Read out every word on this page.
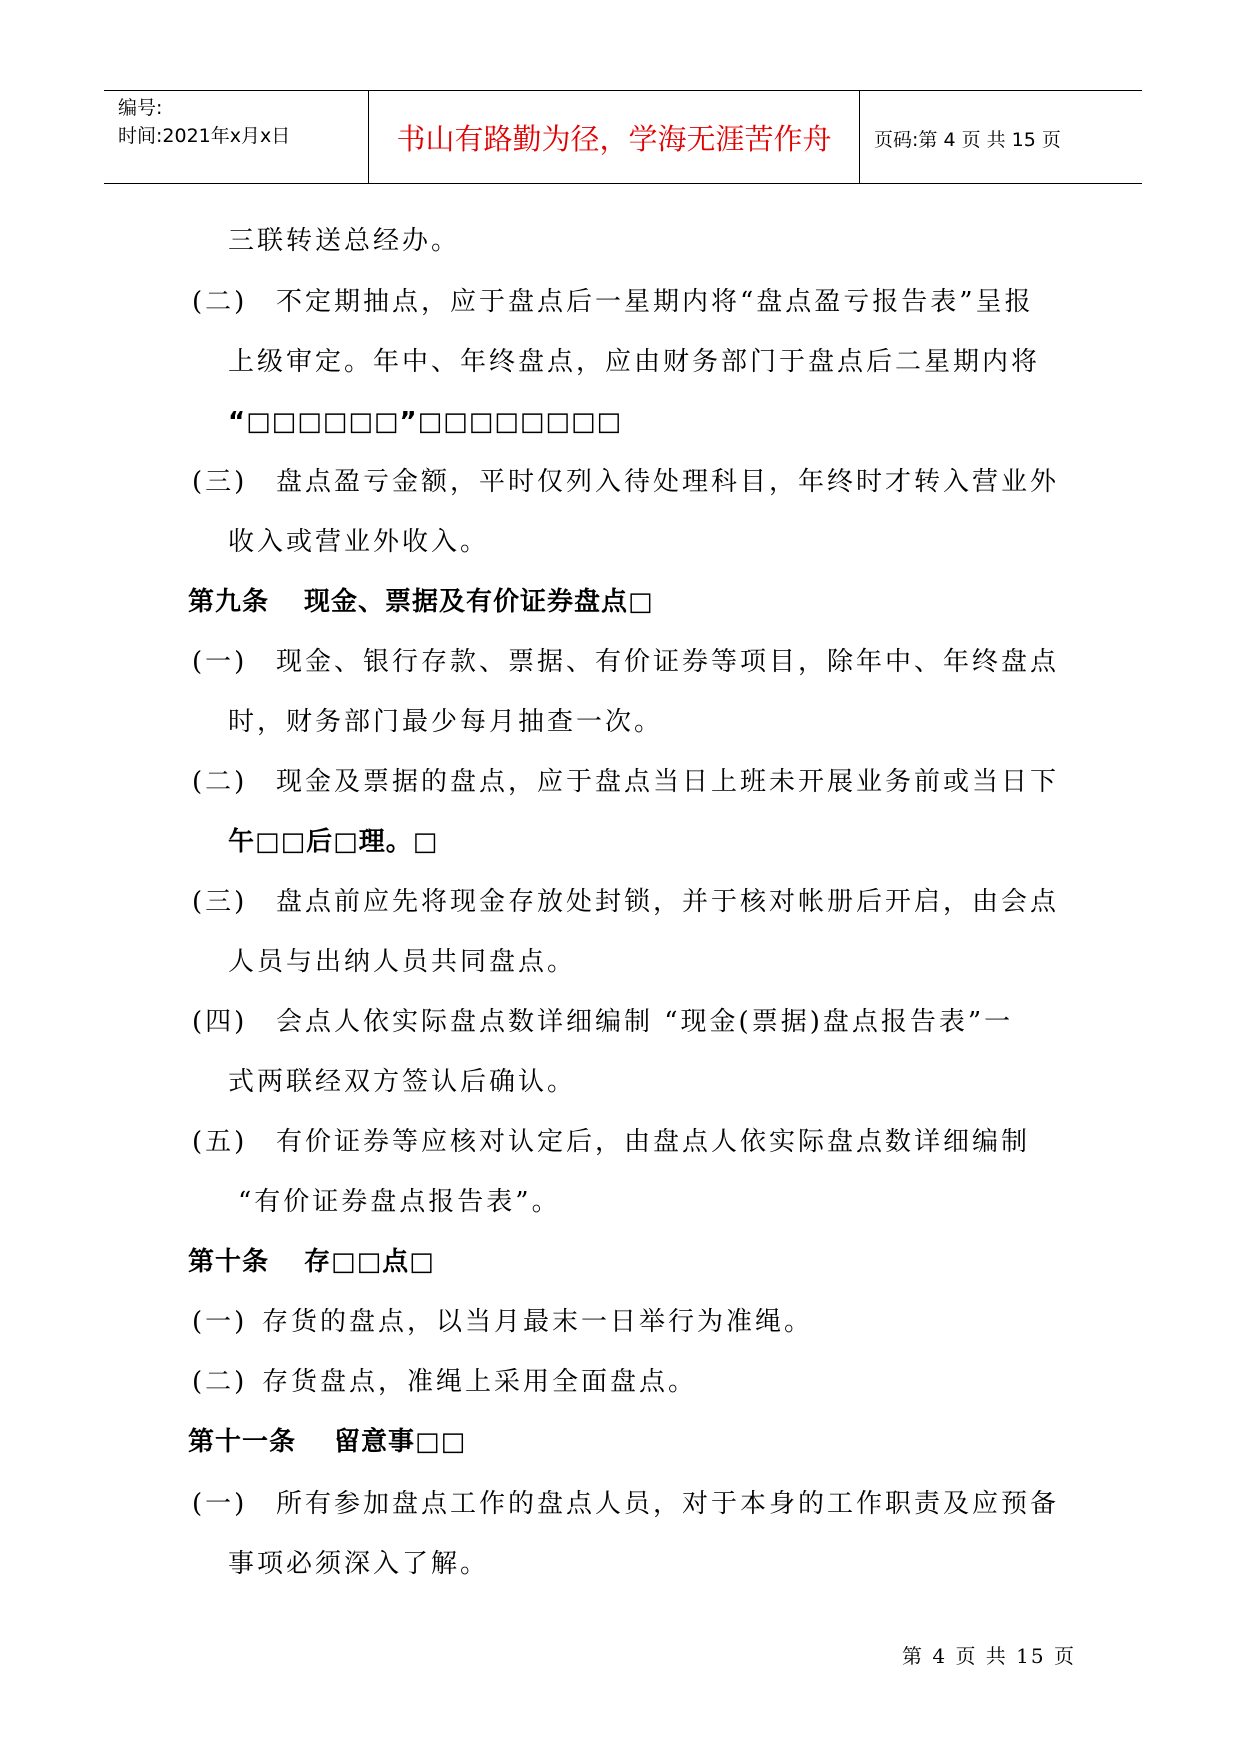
编号:
时间:2021年x月x日	书山有路勤为径，学海无涯苦作舟	页码:第 4 页 共 15 页
三联转送总经办。
(二) 不定期抽点，应于盘点后一星期内将“盘点盈亏报告表”呈报
上级审定。年中、年终盘点，应由财务部门于盘点后二星期内将
“□□□□□□”□□□□□□□□
(三) 盘点盈亏金额，平时仅列入待处理科目，年终时才转入营业外
收入或营业外收入。
第九条 现金、票据及有价证券盘点□
(一) 现金、银行存款、票据、有价证券等项目，除年中、年终盘点
时，财务部门最少每月抽查一次。
(二) 现金及票据的盘点，应于盘点当日上班未开展业务前或当日下
午□□后□理。□
(三) 盘点前应先将现金存放处封锁，并于核对帐册后开启，由会点
人员与出纳人员共同盘点。
(四) 会点人依实际盘点数详细编制 “现金(票据)盘点报告表”一
式两联经双方签认后确认。
(五) 有价证券等应核对认定后，由盘点人依实际盘点数详细编制
“有价证券盘点报告表”。
第十条 存□□点□
(一) 存货的盘点，以当月最末一日举行为准绳。
(二) 存货盘点，准绳上采用全面盘点。
第十一条 留意事□□
(一) 所有参加盘点工作的盘点人员，对于本身的工作职责及应预备
事项必须深入了解。
第 4 页 共 15 页
